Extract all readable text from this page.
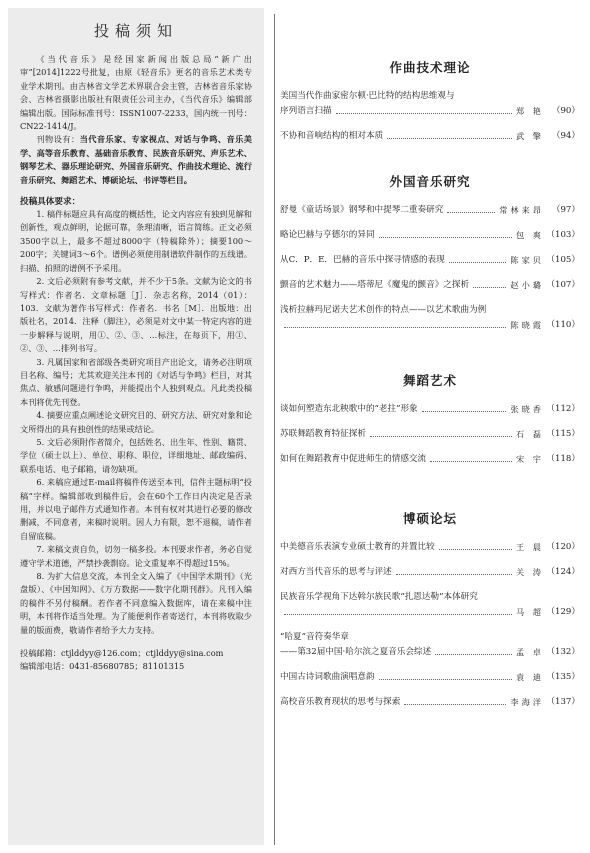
投稿须知

《当代音乐》是经国家新闻出版总局“新广出审”[2014]1222号批复，由原《轻音乐》更名的音乐艺术类专业学术期刊。由吉林省文学艺术界联合会主管，吉林省音乐家协会、吉林省摄影出版社有限责任公司主办，《当代音乐》编辑部编辑出版。国际标准刊号：ISSN1007-2233，国内统一刊号：CN22-1414/J。

刊物设有：当代音乐家、专家视点、对话与争鸣、音乐美学、高等音乐教育、基础音乐教育、民族音乐研究、声乐艺术、钢琴艺术、器乐理论研究、外国音乐研究、作曲技术理论、流行音乐研究、舞蹈艺术、博硕论坛、书评等栏目。

投稿具体要求：

1. 稿件标题应具有高度的概括性，论文内容应有独到见解和创新性，观点鲜明，论据可靠，条理清晰，语言简练。正文必须3500字以上，最多不超过8000字（特稿除外）；摘要100～200字；关键词3～6个。谱例必须使用制谱软件制作的五线谱。扫描、拍照的谱例不予采用。

2. 文后必须附有参考文献，并不少于5条。文献为论文的书写样式：作者名．文章标题［J］．杂志名称，2014（01）：103．文献为著作书写样式：作者名．书名［M］．出版地：出版社名，2014．注释（脚注），必须是对文中某一特定内容的进一步解释与说明，用①、②、③、…标注，在每页下，用①、②、③、…排列书写。

3. 凡属国家和省部级各类研究项目产出论文，请务必注明项目名称、编号；尤其欢迎关注本刊的《对话与争鸣》栏目，对其焦点、敏感问题进行争鸣，并能提出个人独到观点。凡此类投稿本刊将优先刊登。

4. 摘要应重点阐述论文研究目的、研究方法、研究对象和论文所得出的具有独创性的结果或结论。

5. 文后必须附作者简介，包括姓名、出生年、性别、籍贯、学位（硕士以上）、单位、职称、职位，详细地址、邮政编码、联系电话、电子邮箱，请勿缺项。

6. 来稿应通过E-mail将稿件传送至本刊，信件主题标明“投稿”字样。编辑部收到稿件后，会在60个工作日内决定是否录用，并以电子邮件方式通知作者。本刊有权对其进行必要的修改删减，不同意者，来稿时说明。因人力有限，恕不退稿，请作者自留底稿。

7. 来稿文责自负，切勿一稿多投。本刊要求作者，务必自觉遵守学术道德，严禁抄袭剽窃。论文重复率不得超过15%。

8. 为扩大信息交流，本刊全文入编了《中国学术期刊》（光盘版）、《中国知网》、《万方数据——数字化期刊群》。凡刊入编的稿件不另付稿酬。若作者不同意编入数据库，请在来稿中注明，本刊将作适当处理。为了能便利作者寄送行，本刊将收取少量的版面费，敬请作者给予大力支持。

投稿邮箱：ctjlddyy@126.com；ctjlddyy@sina.com
编辑部电话：0431-85680785；81101315
作曲技术理论
美国当代作曲家密尔顿·巴比特的结构思维观与
序列语言扫描	郑 艳 （90）
不协和音响结构的相对本质	武 擎 （94）
外国音乐研究
舒曼《童话场景》钢琴和中提琴二重奏研究	常林来昂 （97）
略论巴赫与亨德尔的异同	包 爽 （103）
从C．P．E．巴赫的音乐中探寻情感的表现	陈家贝 （105）
颤音的艺术魅力——塔蒂尼《魔鬼的颤音》之探析	赵小璐 （107）
浅析拉赫玛尼诺夫艺术创作的特点——以艺术歌曲为例
陈晓霞 （110）
舞蹈艺术
谈如何塑造东北秧歌中的“老拄”形象	张晓香 （112）
苏联舞蹈教育特征探析	石 磊 （115）
如何在舞蹈教育中促进师生的情感交流	宋 宇 （118）
博硕论坛
中美德音乐表演专业硕士教育的并置比较	王 晨 （120）
对西方当代音乐的思考与评述	关 涛 （124）
民族音乐学视角下达斡尔族民歌“扎恩达勒”本体研究
马 超 （129）
“哈夏”音符奏华章
——第32届中国·哈尔滨之夏音乐会综述	孟 卓 （132）
中国古诗词歌曲演唱意韵	袁 迪 （135）
高校音乐教育现状的思考与探索	李海洋 （137）
